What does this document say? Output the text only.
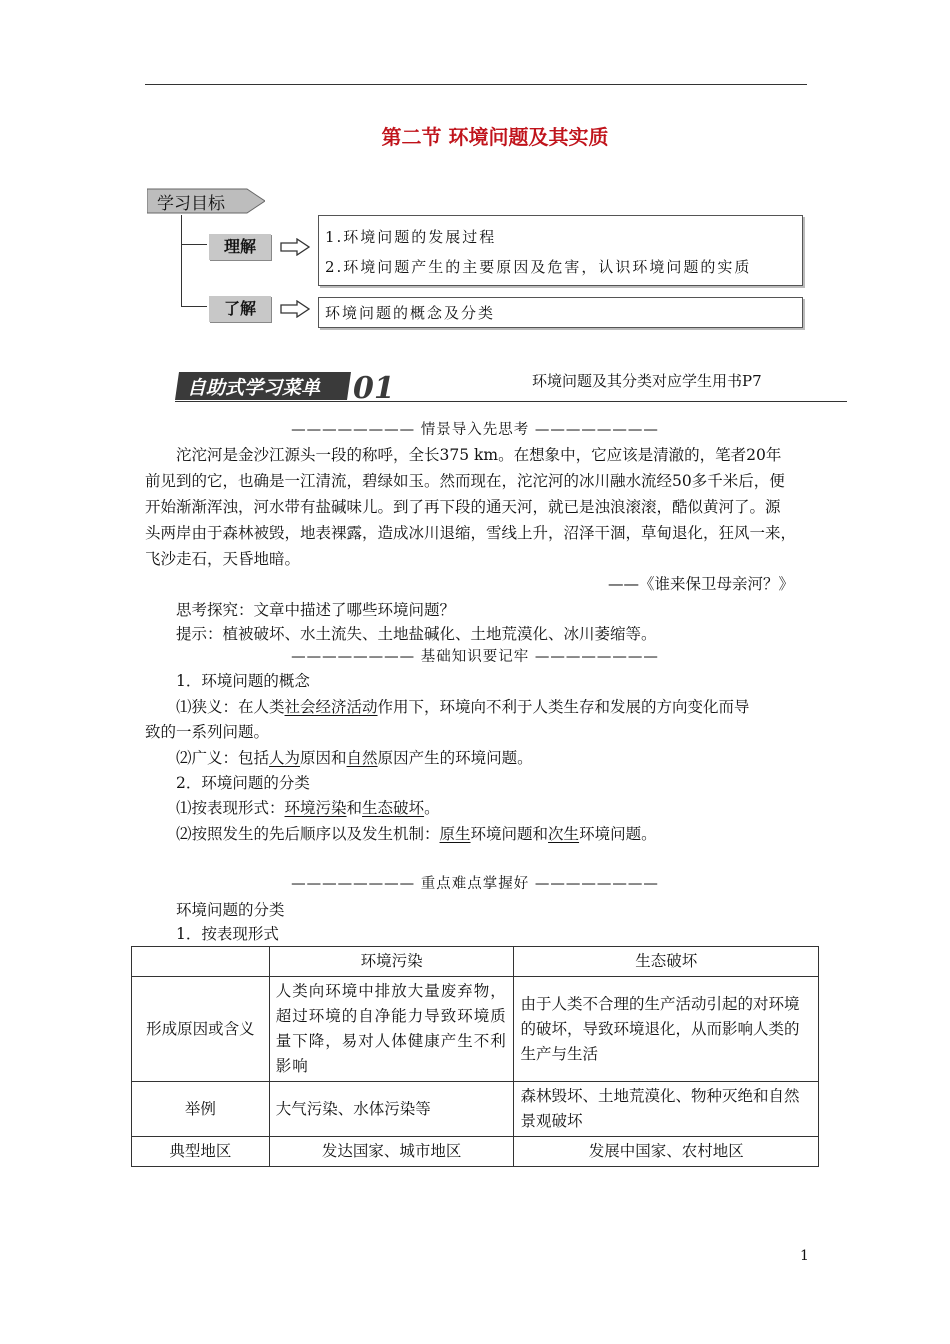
第二节 环境问题及其实质
学习目标
理解	1.环境问题的发展过程
2.环境问题产生的主要原因及危害，认识环境问题的实质
了解	环境问题的概念及分类
自助式学习菜单 01	环境问题及其分类对应学生用书P7
———————— 情景导入先思考 ————————
沱沱河是金沙江源头一段的称呼，全长375 km。在想象中，它应该是清澈的，笔者20年
前见到的它，也确是一江清流，碧绿如玉。然而现在，沱沱河的冰川融水流经50多千米后，便
开始渐渐浑浊，河水带有盐碱味儿。到了再下段的通天河，就已是浊浪滚滚，酷似黄河了。源
头两岸由于森林被毁，地表裸露，造成冰川退缩，雪线上升，沼泽干涸，草甸退化，狂风一来，
飞沙走石，天昏地暗。
——《谁来保卫母亲河？》
思考探究：文章中描述了哪些环境问题？
提示：植被破坏、水土流失、土地盐碱化、土地荒漠化、冰川萎缩等。
———————— 基础知识要记牢 ————————
1．环境问题的概念
⑴狭义：在人类社会经济活动作用下，环境向不利于人类生存和发展的方向变化而导
致的一系列问题。
⑵广义：包括人为原因和自然原因产生的环境问题。
2．环境问题的分类
⑴按表现形式：环境污染和生态破坏。
⑵按照发生的先后顺序以及发生机制：原生环境问题和次生环境问题。
———————— 重点难点掌握好 ————————
环境问题的分类
1．按表现形式
	环境污染	生态破坏
形成原因或含义	人类向环境中排放大量废弃物，超过环境的自净能力导致环境质量下降，易对人体健康产生不利影响	由于人类不合理的生产活动引起的对环境的破坏，导致环境退化，从而影响人类的生产与生活
举例	大气污染、水体污染等	森林毁坏、土地荒漠化、物种灭绝和自然景观破坏
典型地区	发达国家、城市地区	发展中国家、农村地区
1
